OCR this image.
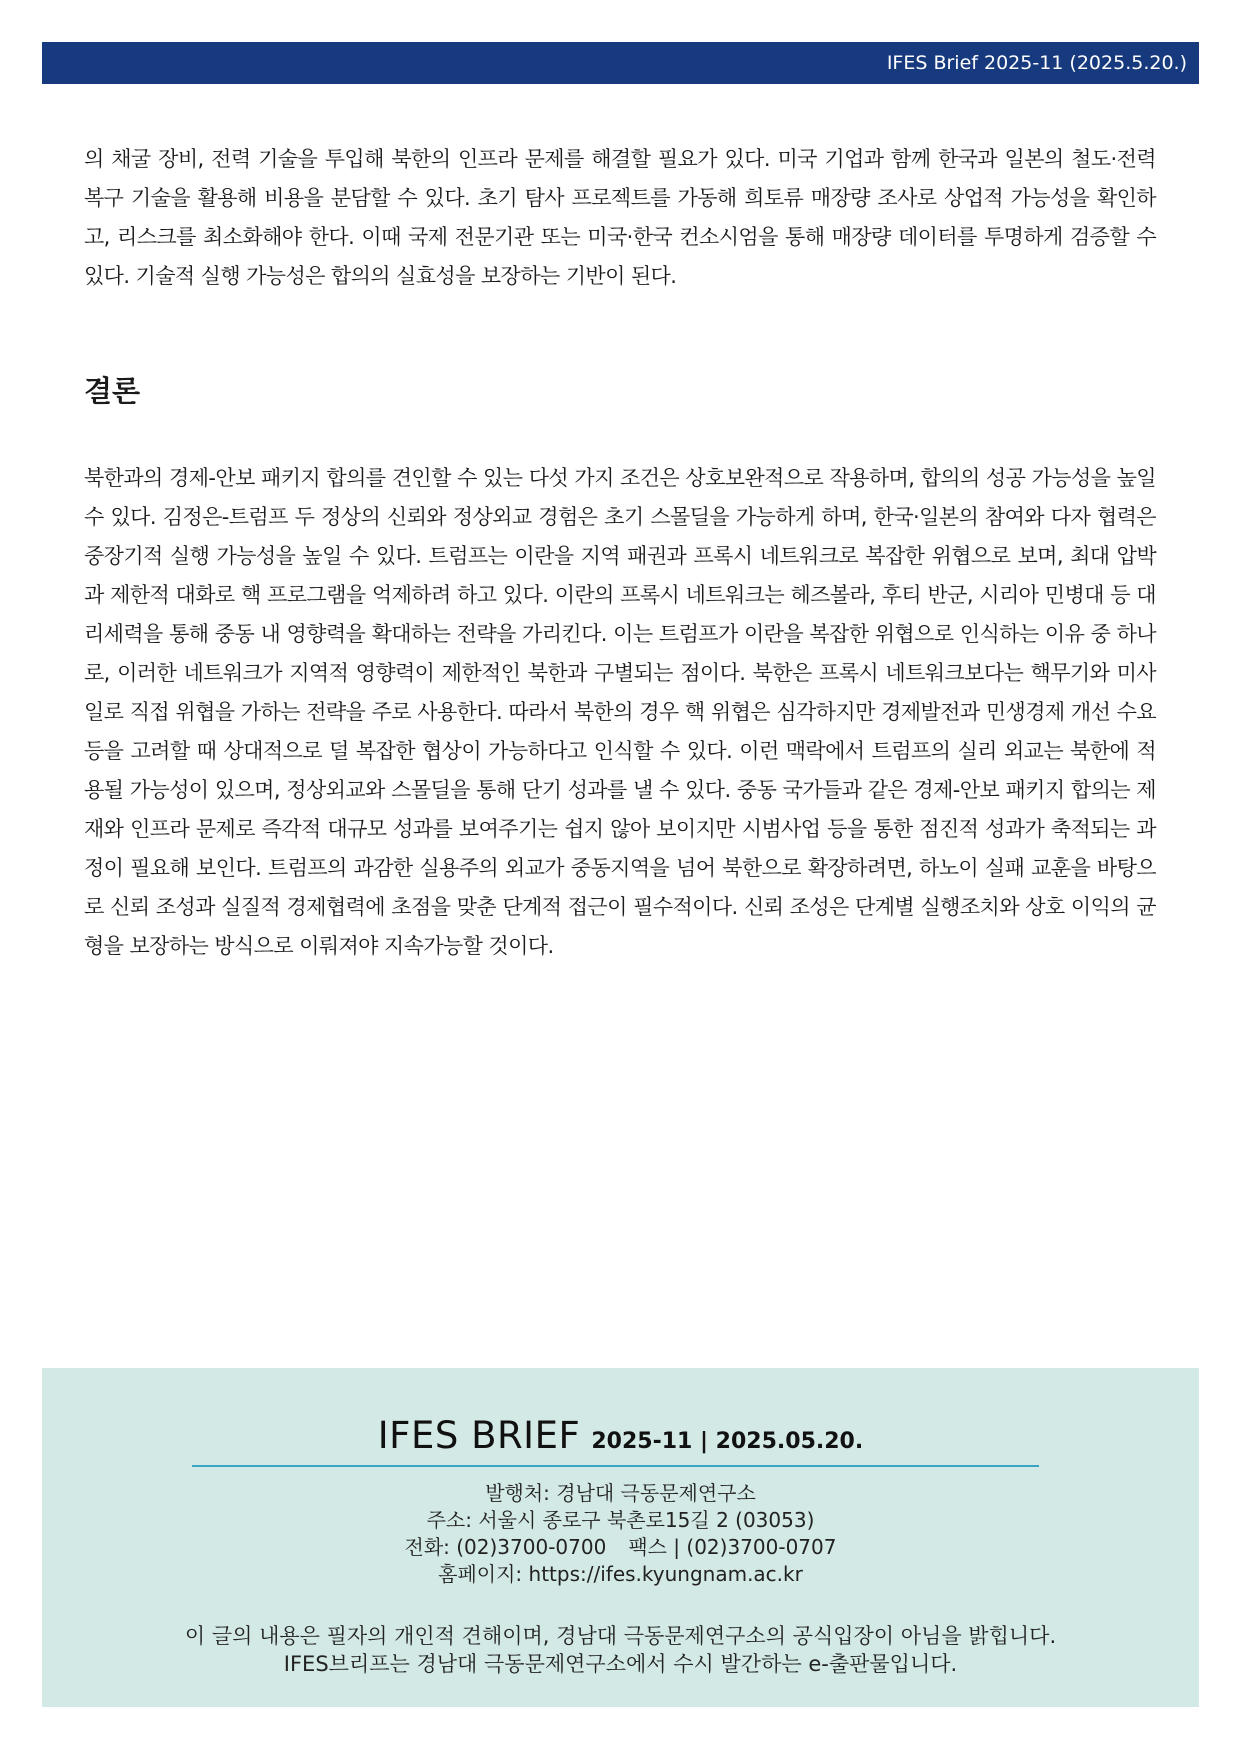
IFES Brief 2025-11 (2025.5.20.)

의 채굴 장비, 전력 기술을 투입해 북한의 인프라 문제를 해결할 필요가 있다. 미국 기업과 함께 한국과 일본의 철도·전력 복구 기술을 활용해 비용을 분담할 수 있다. 초기 탐사 프로젝트를 가동해 희토류 매장량 조사로 상업적 가능성을 확인하고, 리스크를 최소화해야 한다. 이때 국제 전문기관 또는 미국·한국 컨소시엄을 통해 매장량 데이터를 투명하게 검증할 수 있다. 기술적 실행 가능성은 합의의 실효성을 보장하는 기반이 된다.

결론

북한과의 경제-안보 패키지 합의를 견인할 수 있는 다섯 가지 조건은 상호보완적으로 작용하며, 합의의 성공 가능성을 높일 수 있다. 김정은-트럼프 두 정상의 신뢰와 정상외교 경험은 초기 스몰딜을 가능하게 하며, 한국·일본의 참여와 다자 협력은 중장기적 실행 가능성을 높일 수 있다. 트럼프는 이란을 지역 패권과 프록시 네트워크로 복잡한 위협으로 보며, 최대 압박과 제한적 대화로 핵 프로그램을 억제하려 하고 있다. 이란의 프록시 네트워크는 헤즈볼라, 후티 반군, 시리아 민병대 등 대리세력을 통해 중동 내 영향력을 확대하는 전략을 가리킨다. 이는 트럼프가 이란을 복잡한 위협으로 인식하는 이유 중 하나로, 이러한 네트워크가 지역적 영향력이 제한적인 북한과 구별되는 점이다. 북한은 프록시 네트워크보다는 핵무기와 미사일로 직접 위협을 가하는 전략을 주로 사용한다. 따라서 북한의 경우 핵 위협은 심각하지만 경제발전과 민생경제 개선 수요 등을 고려할 때 상대적으로 덜 복잡한 협상이 가능하다고 인식할 수 있다. 이런 맥락에서 트럼프의 실리 외교는 북한에 적용될 가능성이 있으며, 정상외교와 스몰딜을 통해 단기 성과를 낼 수 있다. 중동 국가들과 같은 경제-안보 패키지 합의는 제재와 인프라 문제로 즉각적 대규모 성과를 보여주기는 쉽지 않아 보이지만 시범사업 등을 통한 점진적 성과가 축적되는 과정이 필요해 보인다. 트럼프의 과감한 실용주의 외교가 중동지역을 넘어 북한으로 확장하려면, 하노이 실패 교훈을 바탕으로 신뢰 조성과 실질적 경제협력에 초점을 맞춘 단계적 접근이 필수적이다. 신뢰 조성은 단계별 실행조치와 상호 이익의 균형을 보장하는 방식으로 이뤄져야 지속가능할 것이다.

IFES BRIEF 2025-11 | 2025.05.20.
발행처: 경남대 극동문제연구소
주소: 서울시 종로구 북촌로15길 2 (03053)
전화: (02)3700-0700 팩스 | (02)3700-0707
홈페이지: https://ifes.kyungnam.ac.kr
이 글의 내용은 필자의 개인적 견해이며, 경남대 극동문제연구소의 공식입장이 아님을 밝힙니다.
IFES브리프는 경남대 극동문제연구소에서 수시 발간하는 e-출판물입니다.
